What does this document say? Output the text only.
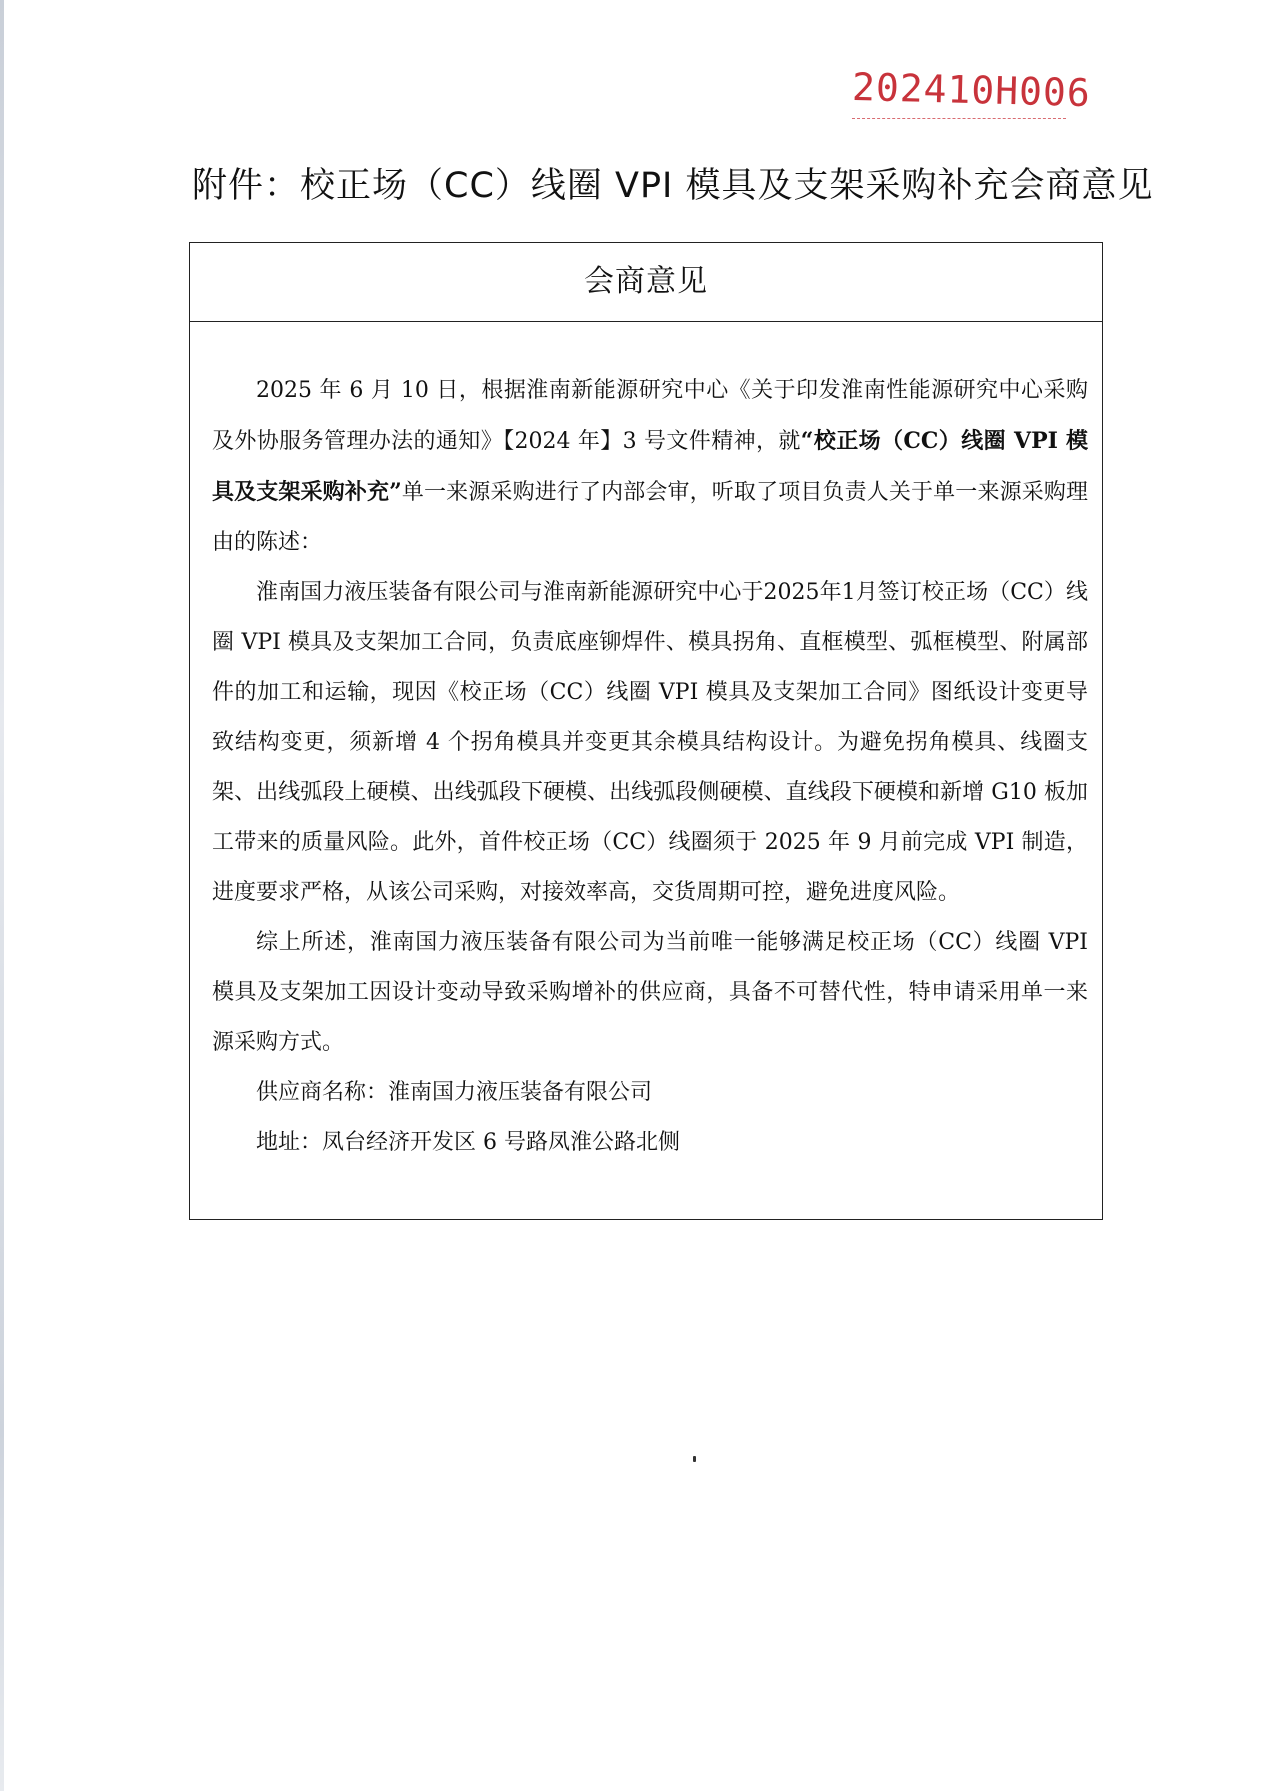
202410H006
附件：校正场（CC）线圈 VPI 模具及支架采购补充会商意见
会商意见

2025 年 6 月 10 日，根据淮南新能源研究中心《关于印发淮南性能源研究中心采购及外协服务管理办法的通知》【2024 年】3 号文件精神，就“校正场（CC）线圈 VPI 模具及支架采购补充”单一来源采购进行了内部会审，听取了项目负责人关于单一来源采购理由的陈述：

淮南国力液压装备有限公司与淮南新能源研究中心于2025年1月签订校正场（CC）线圈 VPI 模具及支架加工合同，负责底座铆焊件、模具拐角、直框模型、弧框模型、附属部件的加工和运输，现因《校正场（CC）线圈 VPI 模具及支架加工合同》图纸设计变更导致结构变更，须新增 4 个拐角模具并变更其余模具结构设计。为避免拐角模具、线圈支架、出线弧段上硬模、出线弧段下硬模、出线弧段侧硬模、直线段下硬模和新增 G10 板加工带来的质量风险。此外，首件校正场（CC）线圈须于 2025 年 9 月前完成 VPI 制造，进度要求严格，从该公司采购，对接效率高，交货周期可控，避免进度风险。

综上所述，淮南国力液压装备有限公司为当前唯一能够满足校正场（CC）线圈 VPI 模具及支架加工因设计变动导致采购增补的供应商，具备不可替代性，特申请采用单一来源采购方式。

供应商名称：淮南国力液压装备有限公司

地址：凤台经济开发区 6 号路凤淮公路北侧
